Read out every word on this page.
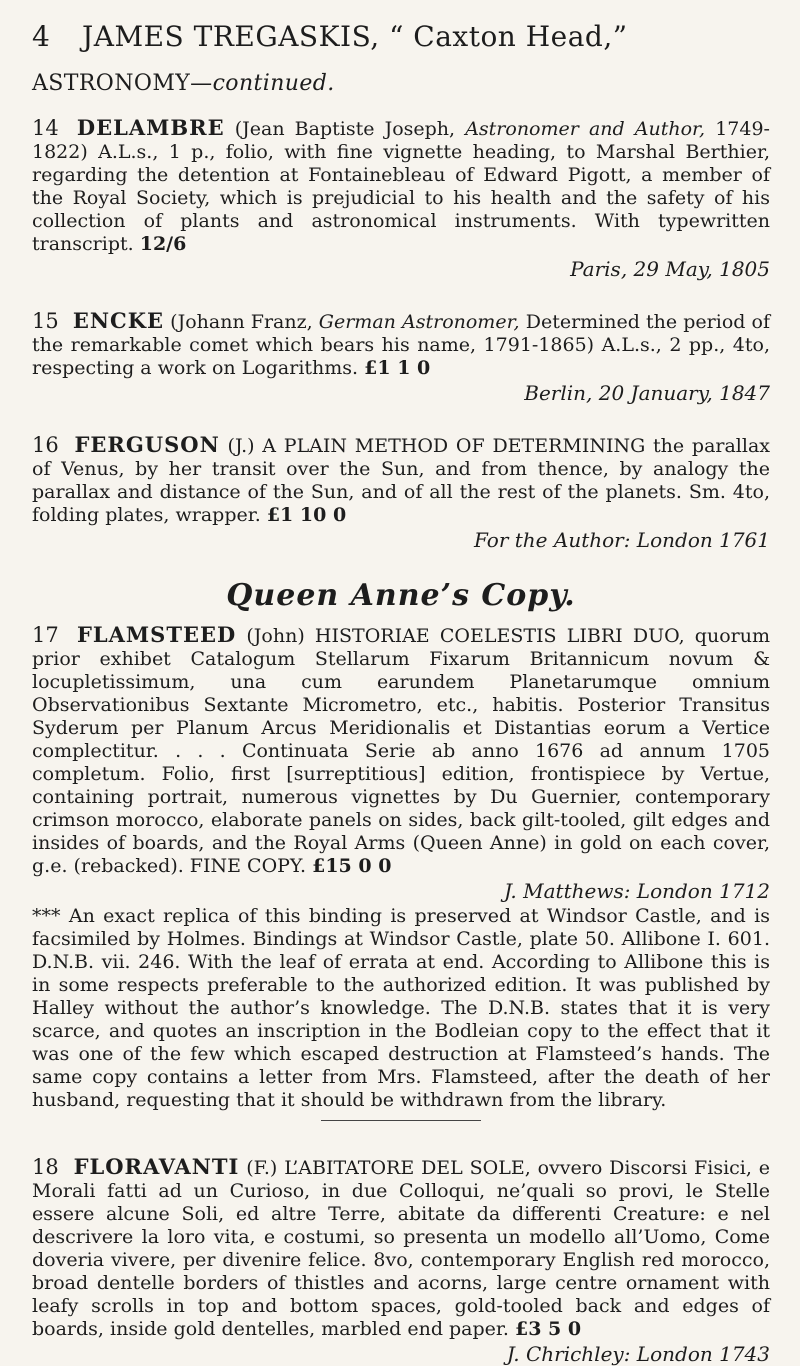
4 JAMES TREGASKIS, “ Caxton Head,”
ASTRONOMY—continued.
14 DELAMBRE (Jean Baptiste Joseph, Astronomer and Author, 1749-1822) A.L.s., 1 p., folio, with fine vignette heading, to Marshal Berthier, regarding the detention at Fontainebleau of Edward Pigott, a member of the Royal Society, which is prejudicial to his health and the safety of his collection of plants and astronomical instruments. With typewritten transcript. 12/6
Paris, 29 May, 1805
15 ENCKE (Johann Franz, German Astronomer, Determined the period of the remarkable comet which bears his name, 1791-1865) A.L.s., 2 pp., 4to, respecting a work on Logarithms. £1 1 0
Berlin, 20 January, 1847
16 FERGUSON (J.) A PLAIN METHOD OF DETERMINING the parallax of Venus, by her transit over the Sun, and from thence, by analogy the parallax and distance of the Sun, and of all the rest of the planets. Sm. 4to, folding plates, wrapper. £1 10 0
For the Author: London 1761
Queen Anne’s Copy.
17 FLAMSTEED (John) HISTORIAE COELESTIS LIBRI DUO, quorum prior exhibet Catalogum Stellarum Fixarum Britannicum novum & locupletissimum, una cum earundem Planetarumque omnium Observationibus Sextante Micrometro, etc., habitis. Posterior Transitus Syderum per Planum Arcus Meridionalis et Distantias eorum a Vertice complectitur. . . . Continuata Serie ab anno 1676 ad annum 1705 completum. Folio, first [surreptitious] edition, frontispiece by Vertue, containing portrait, numerous vignettes by Du Guernier, contemporary crimson morocco, elaborate panels on sides, back gilt-tooled, gilt edges and insides of boards, and the Royal Arms (Queen Anne) in gold on each cover, g.e. (rebacked). FINE COPY. £15 0 0
J. Matthews: London 1712
*** An exact replica of this binding is preserved at Windsor Castle, and is facsimiled by Holmes. Bindings at Windsor Castle, plate 50. Allibone I. 601. D.N.B. vii. 246. With the leaf of errata at end. According to Allibone this is in some respects preferable to the authorized edition. It was published by Halley without the author’s knowledge. The D.N.B. states that it is very scarce, and quotes an inscription in the Bodleian copy to the effect that it was one of the few which escaped destruction at Flamsteed’s hands. The same copy contains a letter from Mrs. Flamsteed, after the death of her husband, requesting that it should be withdrawn from the library.
18 FLORAVANTI (F.) L’ABITATORE DEL SOLE, ovvero Discorsi Fisici, e Morali fatti ad un Curioso, in due Colloqui, ne’quali so provi, le Stelle essere alcune Soli, ed altre Terre, abitate da differenti Creature: e nel descrivere la loro vita, e costumi, so presenta un modello all’Uomo, Come doveria vivere, per divenire felice. 8vo, contemporary English red morocco, broad dentelle borders of thistles and acorns, large centre ornament with leafy scrolls in top and bottom spaces, gold-tooled back and edges of boards, inside gold dentelles, marbled end paper. £3 5 0
J. Chrichley: London 1743
